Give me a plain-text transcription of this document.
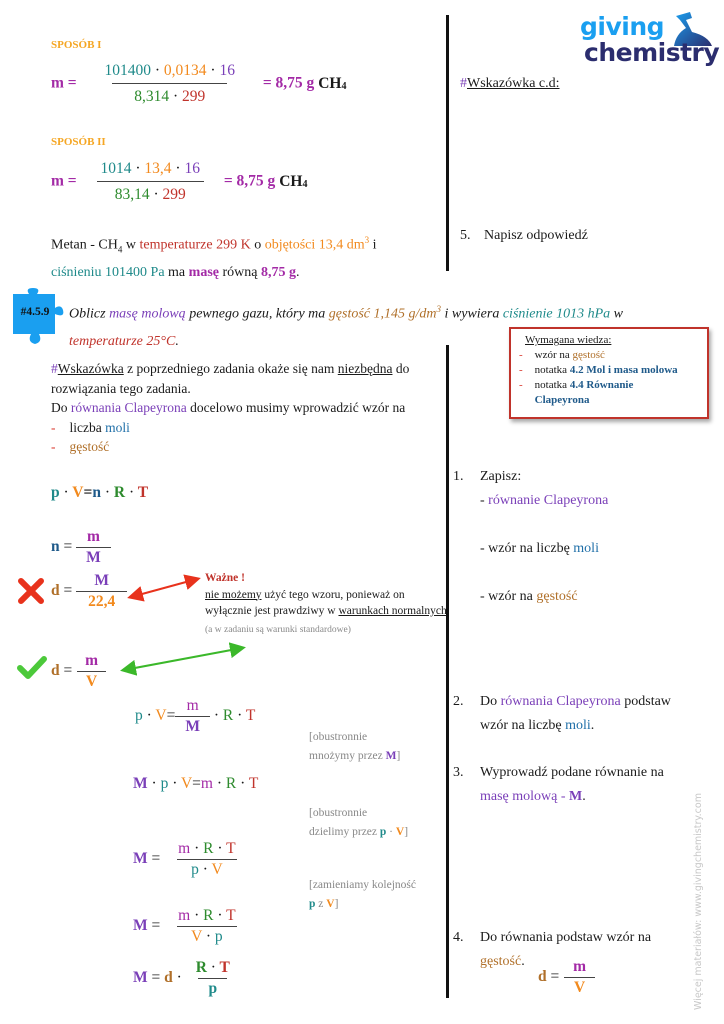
giving
chemistry
SPOSÓB I
$m = \frac{101400 \cdot 0,0134 \cdot 16}{8,314 \cdot 299} = 8,75$ g $CH_4$
SPOSÓB II
$m = \frac{1014 \cdot 13,4 \cdot 16}{83,14 \cdot 299} = 8,75$ g $CH_4$
Metan - $CH_4$ w temperaturze 299 K o objętości 13,4 $dm^3$ i
ciśnieniu 101400 Pa ma masę równą 8,75 g.
#Wskazówka c.d:
5. Napisz odpowiedź
#4.5.9	Oblicz masę molową pewnego gazu, który ma gęstość 1,145 $g/dm^3$ i wywiera ciśnienie 1013 hPa w
temperaturze 25°C.	Wymagana wiedza:
- wzór na gęstość
- notatka 4.2 Mol i masa molowa
- notatka 4.4 Równanie Clapeyrona
#Wskazówka z poprzedniego zadania okaże się nam niezbędna do rozwiązania tego zadania.
Do równania Clapeyrona docelowo musimy wprowadzić wzór na
- liczba moli
- gęstość
p · V=n · R · T
$n = \frac{m}{M}$
$d = \frac{M}{22,4}$	Ważne !
nie możemy użyć tego wzoru, ponieważ on wyłącznie jest prawdziwy w warunkach normalnych (a w zadaniu są warunki standardowe)
$d = \frac{m}{V}$
$p \cdot V= \frac{m}{M} \cdot R \cdot T$
[obustronnie
mnożymy przez M]
M · p · V=m · R · T
[obustronnie
dzielimy przez p · V]
$M = \frac{m \cdot R \cdot T}{p \cdot V}$
[zamieniamy kolejność
p z V]
$M = \frac{m \cdot R \cdot T}{V \cdot p}$
$M = d \cdot \frac{R \cdot T}{p}$
1. Zapisz:
- równanie Clapeyrona
- wzór na liczbę moli
- wzór na gęstość
2.	Do równania Clapeyrona podstaw wzór na liczbę moli.
3.	Wyprowadź podane równanie na masę molową - M.
4.	Do równania podstaw wzór na gęstość.
$d = \frac{m}{V}$	Więcej materiałów: www.givingchemistry.com
